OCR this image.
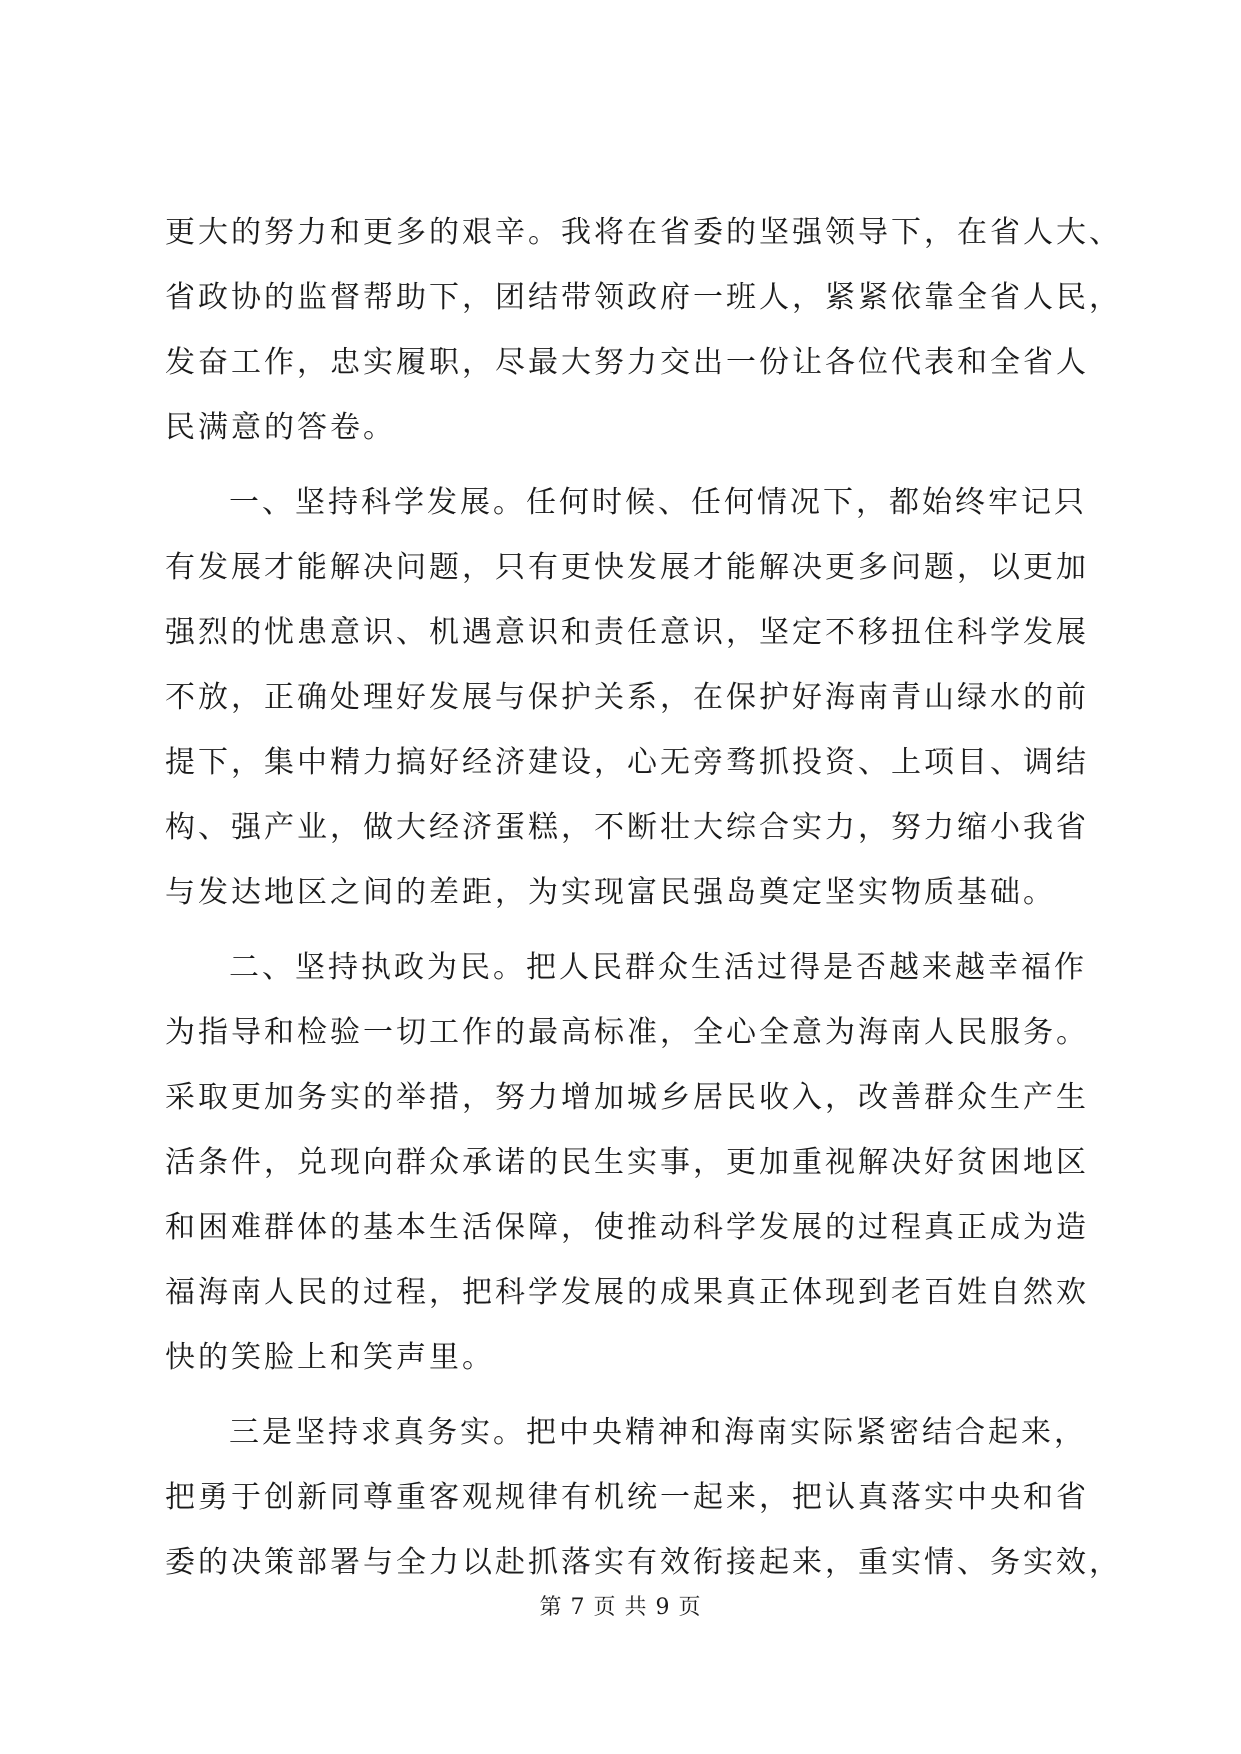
更大的努力和更多的艰辛。我将在省委的坚强领导下，在省人大、
省政协的监督帮助下，团结带领政府一班人，紧紧依靠全省人民，
发奋工作，忠实履职，尽最大努力交出一份让各位代表和全省人
民满意的答卷。
一、坚持科学发展。任何时候、任何情况下，都始终牢记只
有发展才能解决问题，只有更快发展才能解决更多问题，以更加
强烈的忧患意识、机遇意识和责任意识，坚定不移扭住科学发展
不放，正确处理好发展与保护关系，在保护好海南青山绿水的前
提下，集中精力搞好经济建设，心无旁骛抓投资、上项目、调结
构、强产业，做大经济蛋糕，不断壮大综合实力，努力缩小我省
与发达地区之间的差距，为实现富民强岛奠定坚实物质基础。
二、坚持执政为民。把人民群众生活过得是否越来越幸福作
为指导和检验一切工作的最高标准，全心全意为海南人民服务。
采取更加务实的举措，努力增加城乡居民收入，改善群众生产生
活条件，兑现向群众承诺的民生实事，更加重视解决好贫困地区
和困难群体的基本生活保障，使推动科学发展的过程真正成为造
福海南人民的过程，把科学发展的成果真正体现到老百姓自然欢
快的笑脸上和笑声里。
三是坚持求真务实。把中央精神和海南实际紧密结合起来，
把勇于创新同尊重客观规律有机统一起来，把认真落实中央和省
委的决策部署与全力以赴抓落实有效衔接起来，重实情、务实效，
第 7 页 共 9 页
